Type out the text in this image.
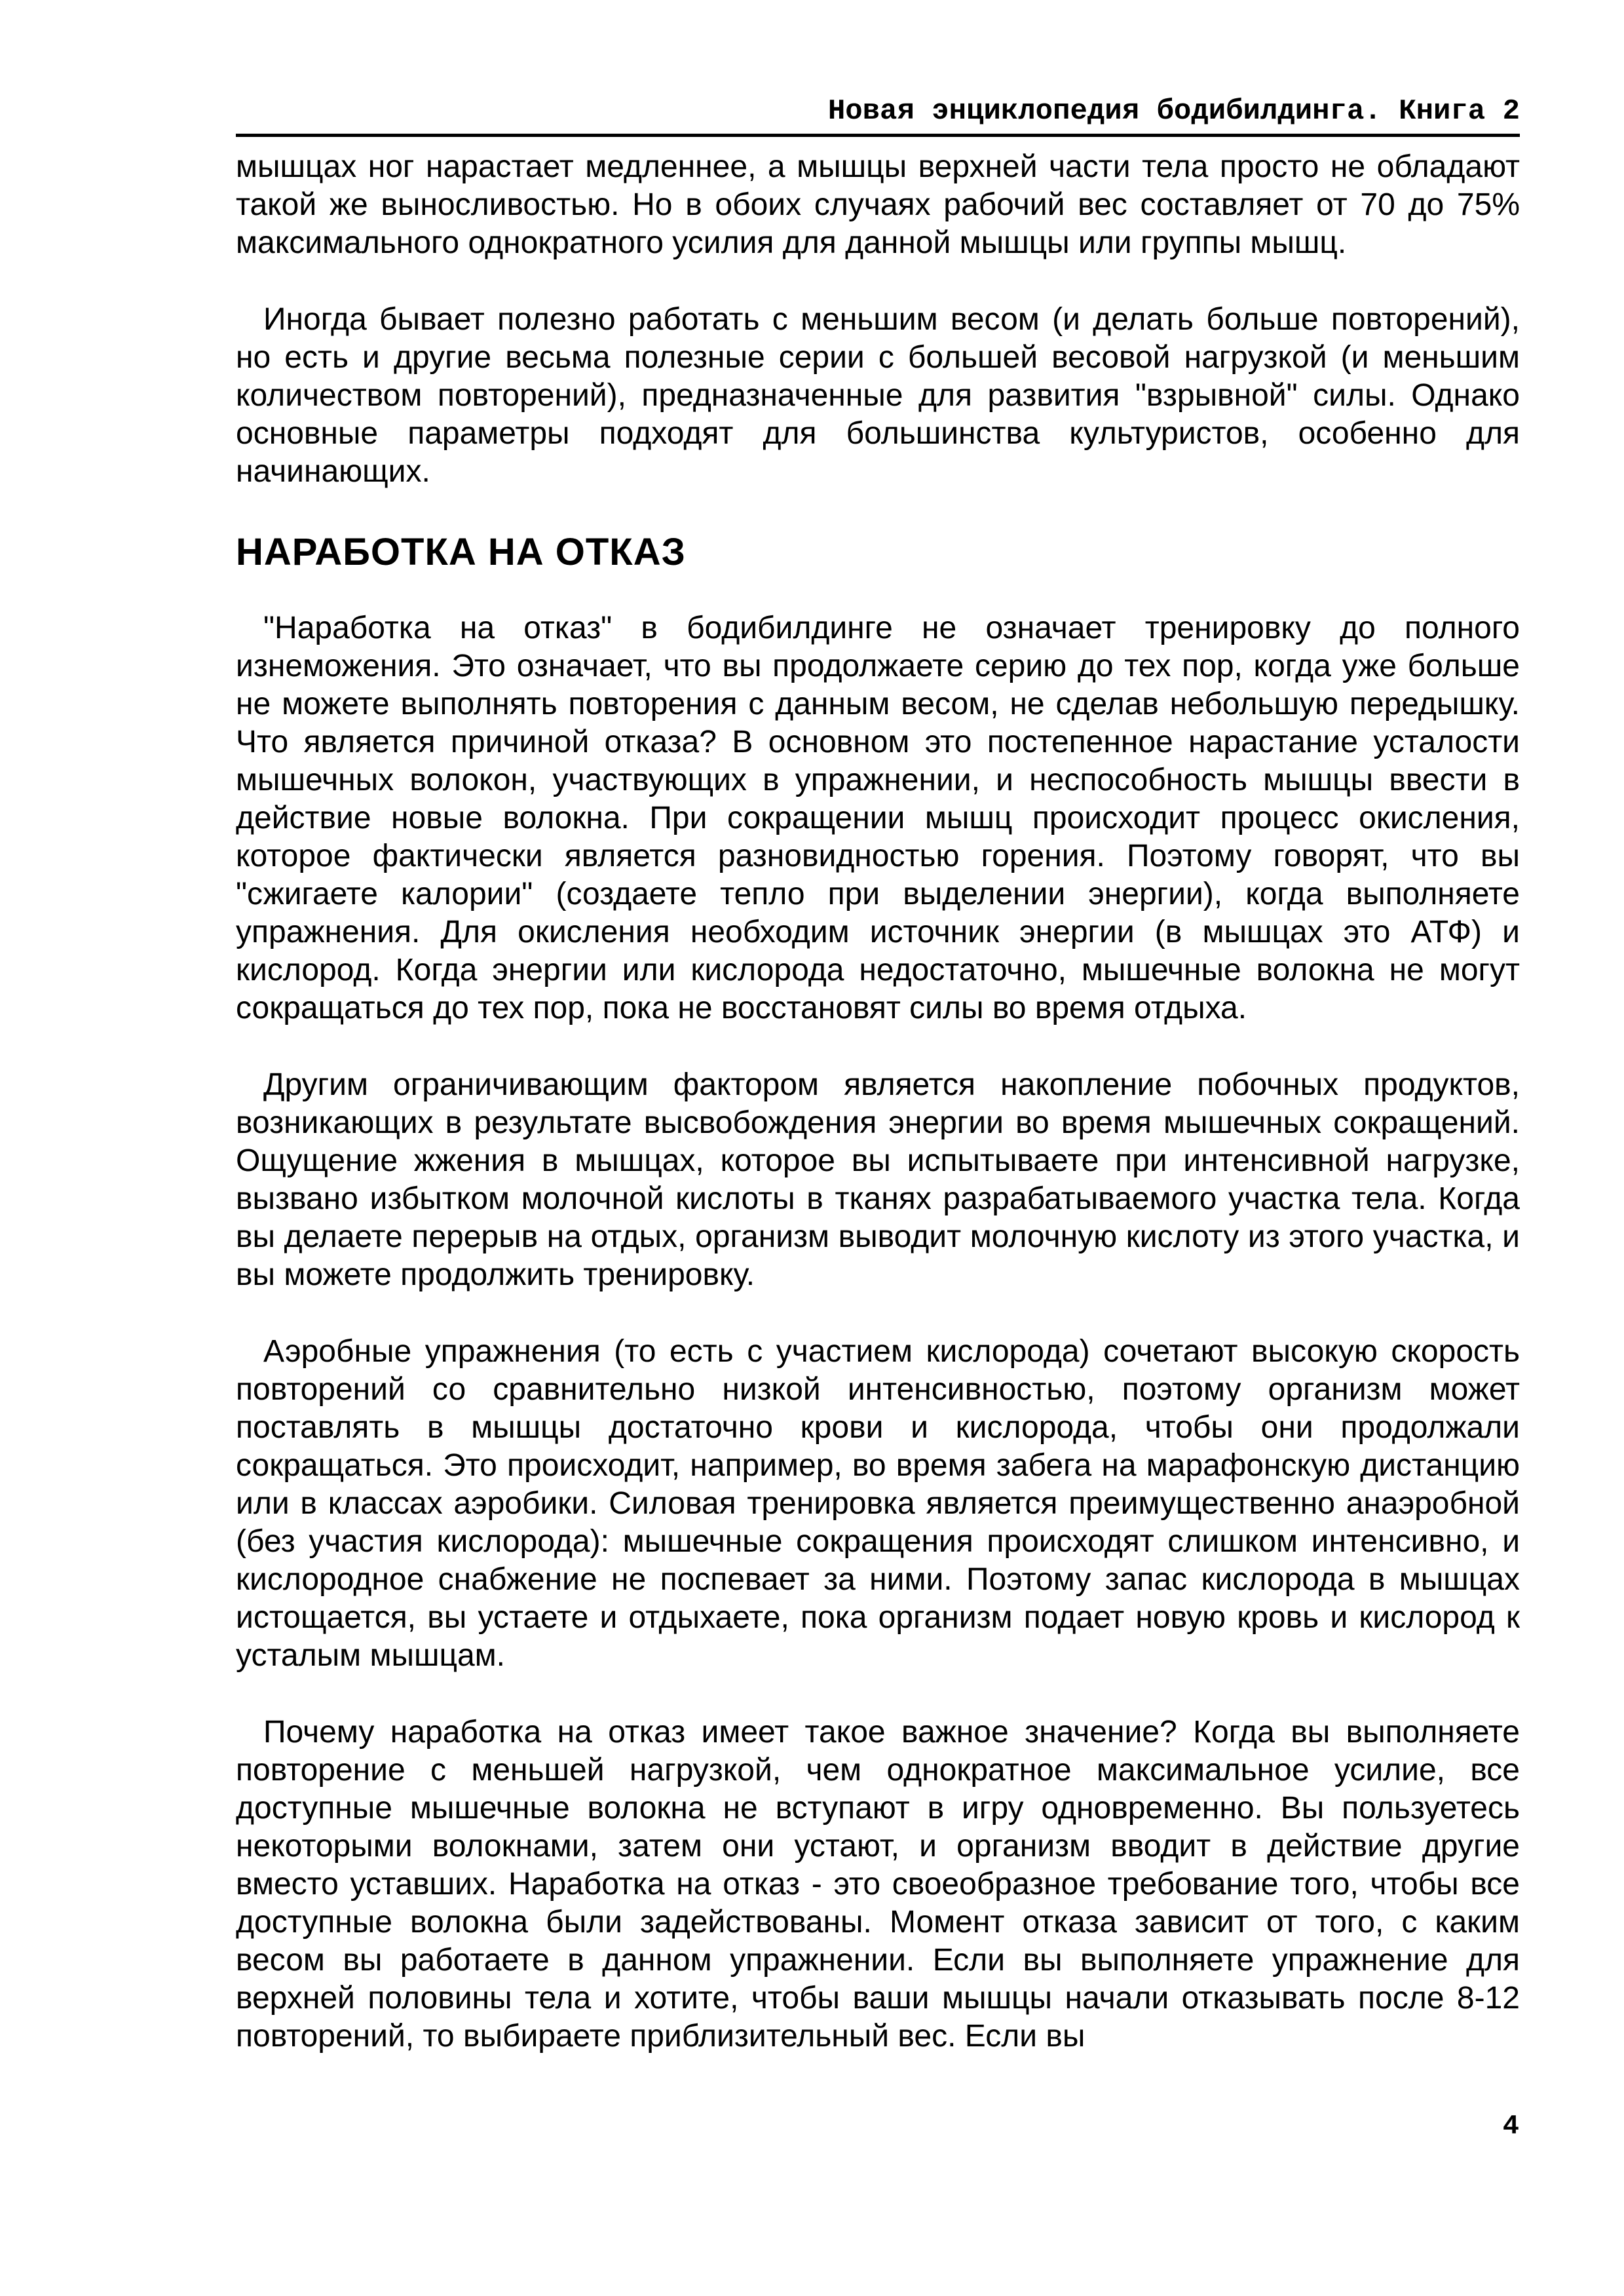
Новая энциклопедия бодибилдинга. Книга 2

мышцах ног нарастает медленнее, а мышцы верхней части тела просто не обладают такой же выносливостью. Но в обоих случаях рабочий вес составляет от 70 до 75% максимального однократного усилия для данной мышцы или группы мышц.

Иногда бывает полезно работать с меньшим весом (и делать больше повторений), но есть и другие весьма полезные серии с большей весовой нагрузкой (и меньшим количеством повторений), предназначенные для развития "взрывной" силы. Однако основные параметры подходят для большинства культуристов, особенно для начинающих.

НАРАБОТКА НА ОТКАЗ

"Наработка на отказ" в бодибилдинге не означает тренировку до полного изнеможения. Это означает, что вы продолжаете серию до тех пор, когда уже больше не можете выполнять повторения с данным весом, не сделав небольшую передышку. Что является причиной отказа? В основном это постепенное нарастание усталости мышечных волокон, участвующих в упражнении, и неспособность мышцы ввести в действие новые волокна. При сокращении мышц происходит процесс окисления, которое фактически является разновидностью горения. Поэтому говорят, что вы "сжигаете калории" (создаете тепло при выделении энергии), когда выполняете упражнения. Для окисления необходим источник энергии (в мышцах это АТФ) и кислород. Когда энергии или кислорода недостаточно, мышечные волокна не могут сокращаться до тех пор, пока не восстановят силы во время отдыха.

Другим ограничивающим фактором является накопление побочных продуктов, возникающих в результате высвобождения энергии во время мышечных сокращений. Ощущение жжения в мышцах, которое вы испытываете при интенсивной нагрузке, вызвано избытком молочной кислоты в тканях разрабатываемого участка тела. Когда вы делаете перерыв на отдых, организм выводит молочную кислоту из этого участка, и вы можете продолжить тренировку.

Аэробные упражнения (то есть с участием кислорода) сочетают высокую скорость повторений со сравнительно низкой интенсивностью, поэтому организм может поставлять в мышцы достаточно крови и кислорода, чтобы они продолжали сокращаться. Это происходит, например, во время забега на марафонскую дистанцию или в классах аэробики. Силовая тренировка является преимущественно анаэробной (без участия кислорода): мышечные сокращения происходят слишком интенсивно, и кислородное снабжение не поспевает за ними. Поэтому запас кислорода в мышцах истощается, вы устаете и отдыхаете, пока организм подает новую кровь и кислород к усталым мышцам.

Почему наработка на отказ имеет такое важное значение? Когда вы выполняете повторение с меньшей нагрузкой, чем однократное максимальное усилие, все доступные мышечные волокна не вступают в игру одновременно. Вы пользуетесь некоторыми волокнами, затем они устают, и организм вводит в действие другие вместо уставших. Наработка на отказ - это своеобразное требование того, чтобы все доступные волокна были задействованы. Момент отказа зависит от того, с каким весом вы работаете в данном упражнении. Если вы выполняете упражнение для верхней половины тела и хотите, чтобы ваши мышцы начали отказывать после 8-12 повторений, то выбираете приблизительный вес. Если вы

4
